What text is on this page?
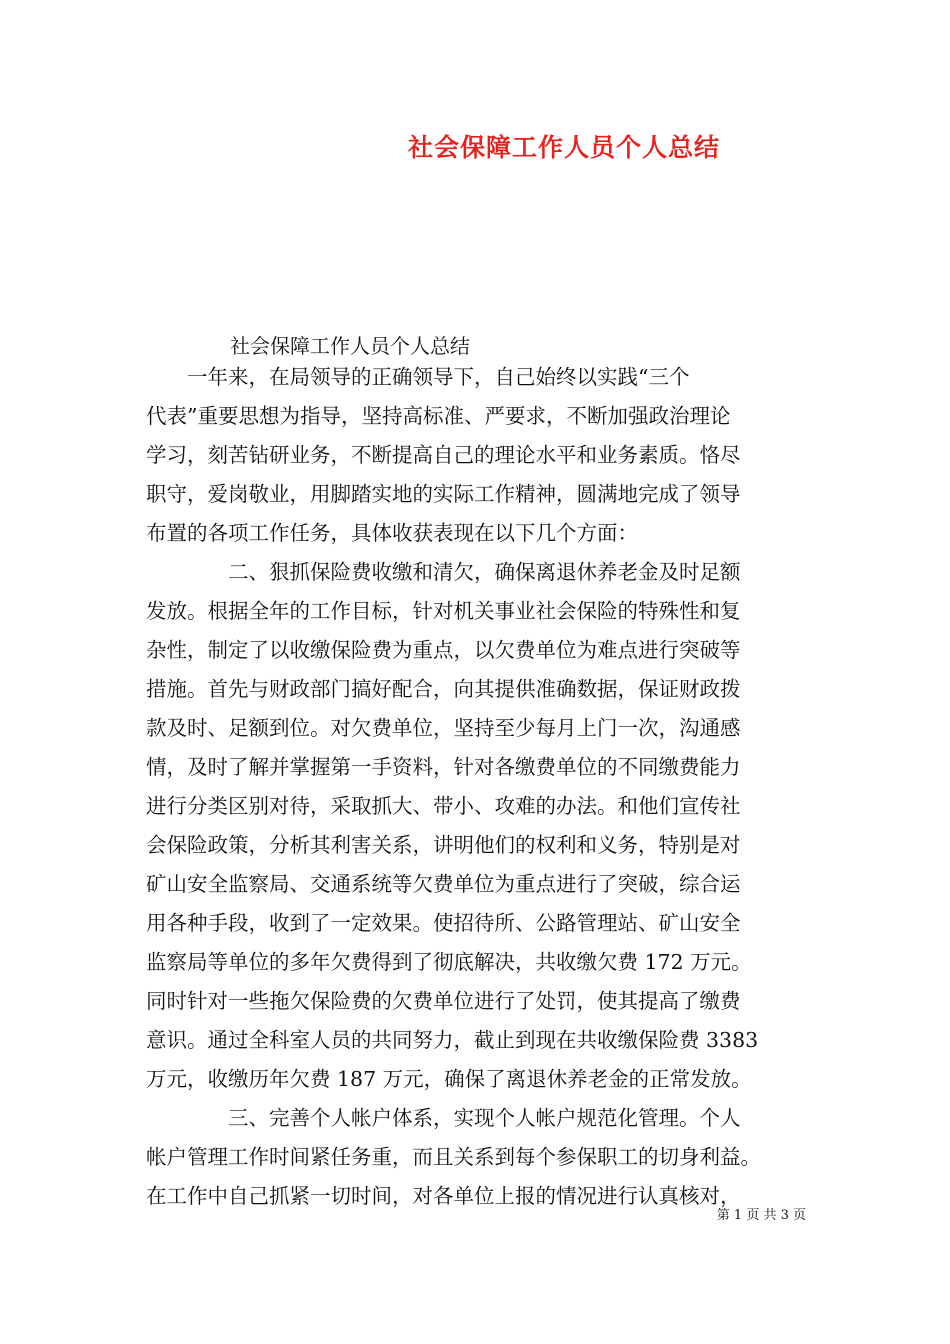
社会保障工作人员个人总结
社会保障工作人员个人总结
　　一年来，在局领导的正确领导下，自己始终以实践“三个
代表”重要思想为指导，坚持高标准、严要求，不断加强政治理论
学习，刻苦钻研业务，不断提高自己的理论水平和业务素质。恪尽
职守，爱岗敬业，用脚踏实地的实际工作精神，圆满地完成了领导
布置的各项工作任务，具体收获表现在以下几个方面：
　　　　二、狠抓保险费收缴和清欠，确保离退休养老金及时足额
发放。根据全年的工作目标，针对机关事业社会保险的特殊性和复
杂性，制定了以收缴保险费为重点，以欠费单位为难点进行突破等
措施。首先与财政部门搞好配合，向其提供准确数据，保证财政拨
款及时、足额到位。对欠费单位，坚持至少每月上门一次，沟通感
情，及时了解并掌握第一手资料，针对各缴费单位的不同缴费能力
进行分类区别对待，采取抓大、带小、攻难的办法。和他们宣传社
会保险政策，分析其利害关系，讲明他们的权利和义务，特别是对
矿山安全监察局、交通系统等欠费单位为重点进行了突破，综合运
用各种手段，收到了一定效果。使招待所、公路管理站、矿山安全
监察局等单位的多年欠费得到了彻底解决，共收缴欠费 172 万元。
同时针对一些拖欠保险费的欠费单位进行了处罚，使其提高了缴费
意识。通过全科室人员的共同努力，截止到现在共收缴保险费 3383
万元，收缴历年欠费 187 万元，确保了离退休养老金的正常发放。
　　　　三、完善个人帐户体系，实现个人帐户规范化管理。个人
帐户管理工作时间紧任务重，而且关系到每个参保职工的切身利益。
在工作中自己抓紧一切时间，对各单位上报的情况进行认真核对，
第 1 页 共 3 页
